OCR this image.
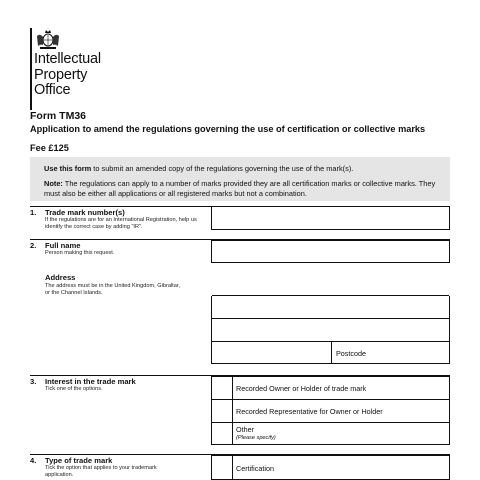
Intellectual
Property
Office
Form TM36
Application to amend the regulations governing the use of certification or collective marks
Fee £125
Use this form to submit an amended copy of the regulations governing the use of the mark(s).
Note: The regulations can apply to a number of marks provided they are all certification marks or collective marks. They must also be either all applications or all registered marks but not a combination.
1. Trade mark number(s)
If the regulations are for an International Registration, help us identify the correct case by adding "IR".
2. Full name
Person making this request.
Address
The address must be in the United Kingdom, Gibraltar, or the Channel Islands.
Postcode
3. Interest in the trade mark
Tick one of the options.	Recorded Owner or Holder of trade mark
Recorded Representative for Owner or Holder
Other
(Please specify)
4. Type of trade mark
Tick the option that applies to your trademark application.
Certification
